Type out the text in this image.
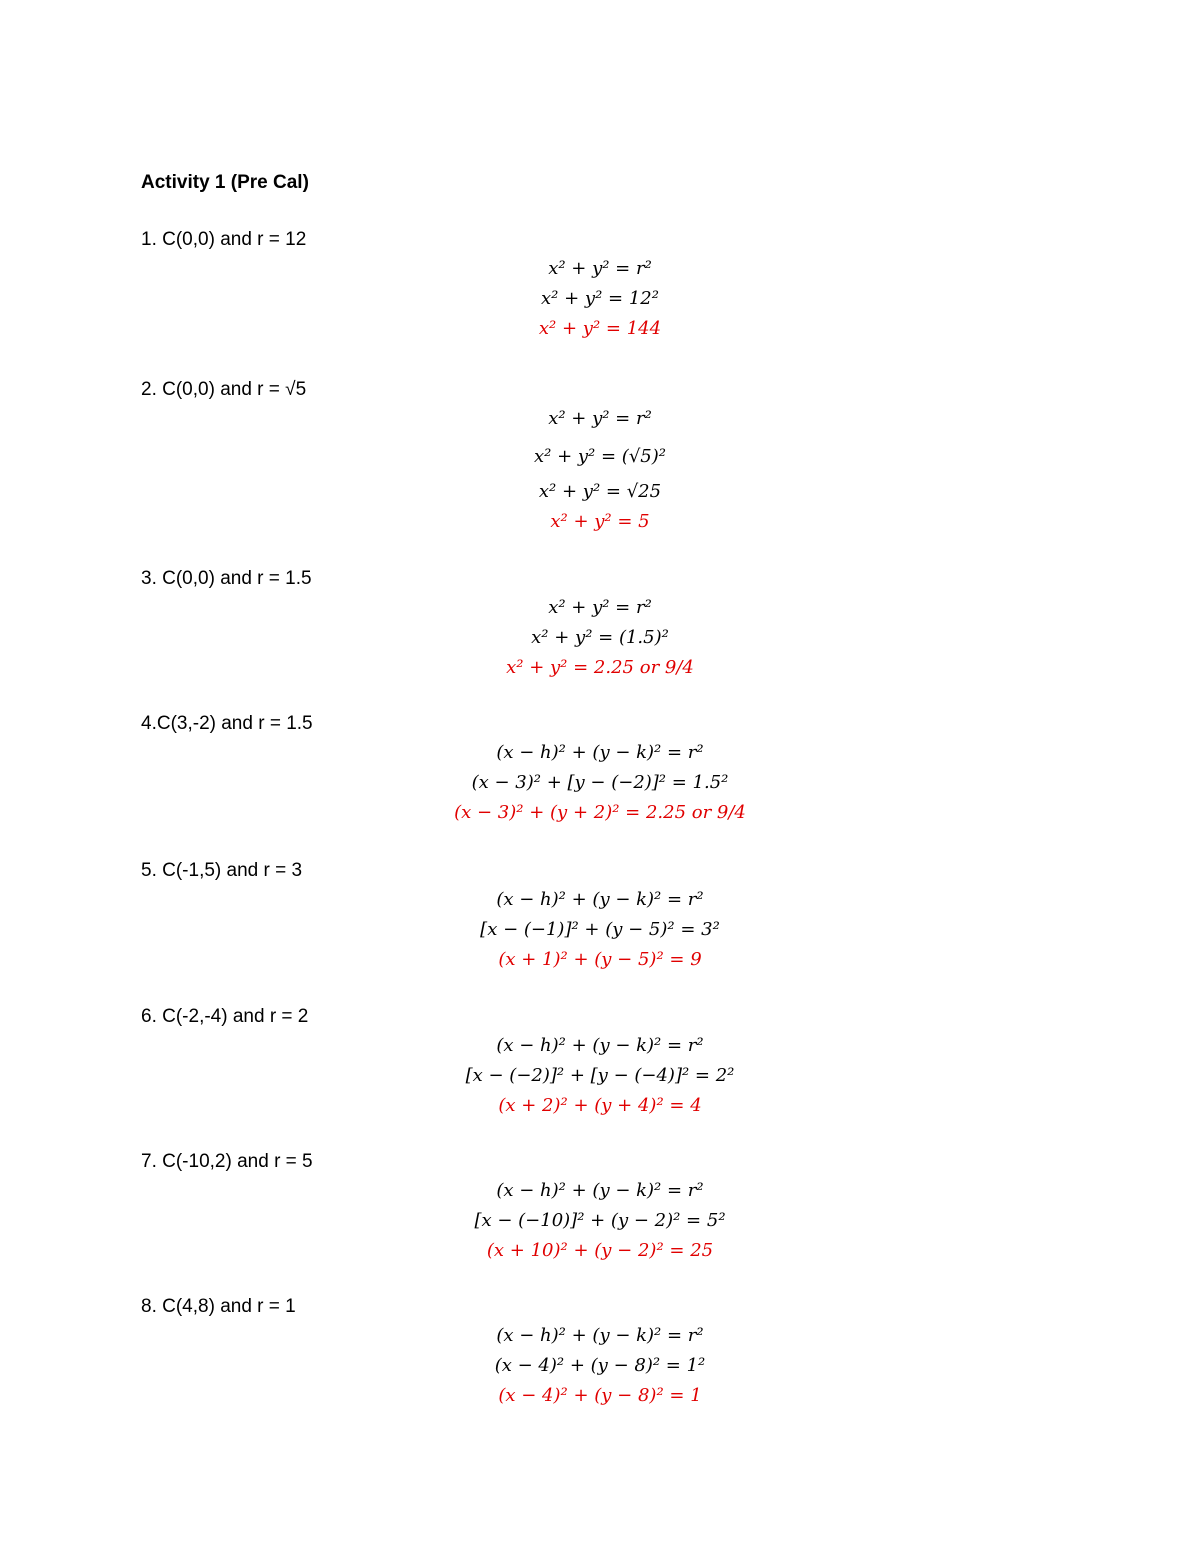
Activity 1 (Pre Cal)
1. C(0,0) and r = 12
x² + y² = r²
x² + y² = 12²
x² + y² = 144
2. C(0,0) and r = √5
x² + y² = r²
x² + y² = (√5)²
x² + y² = √25
x² + y² = 5
3. C(0,0) and r = 1.5
x² + y² = r²
x² + y² = (1.5)²
x² + y² = 2.25 or 9/4
4.C(3,-2) and r = 1.5
(x − h)² + (y − k)² = r²
(x − 3)² + [y − (−2)]² = 1.5²
(x − 3)² + (y + 2)² = 2.25 or 9/4
5. C(-1,5) and r = 3
(x − h)² + (y − k)² = r²
[x − (−1)]² + (y − 5)² = 3²
(x + 1)² + (y − 5)² = 9
6. C(-2,-4) and r = 2
(x − h)² + (y − k)² = r²
[x − (−2)]² + [y − (−4)]² = 2²
(x + 2)² + (y + 4)² = 4
7. C(-10,2) and r = 5
(x − h)² + (y − k)² = r²
[x − (−10)]² + (y − 2)² = 5²
(x + 10)² + (y − 2)² = 25
8. C(4,8) and r = 1
(x − h)² + (y − k)² = r²
(x − 4)² + (y − 8)² = 1²
(x − 4)² + (y − 8)² = 1
